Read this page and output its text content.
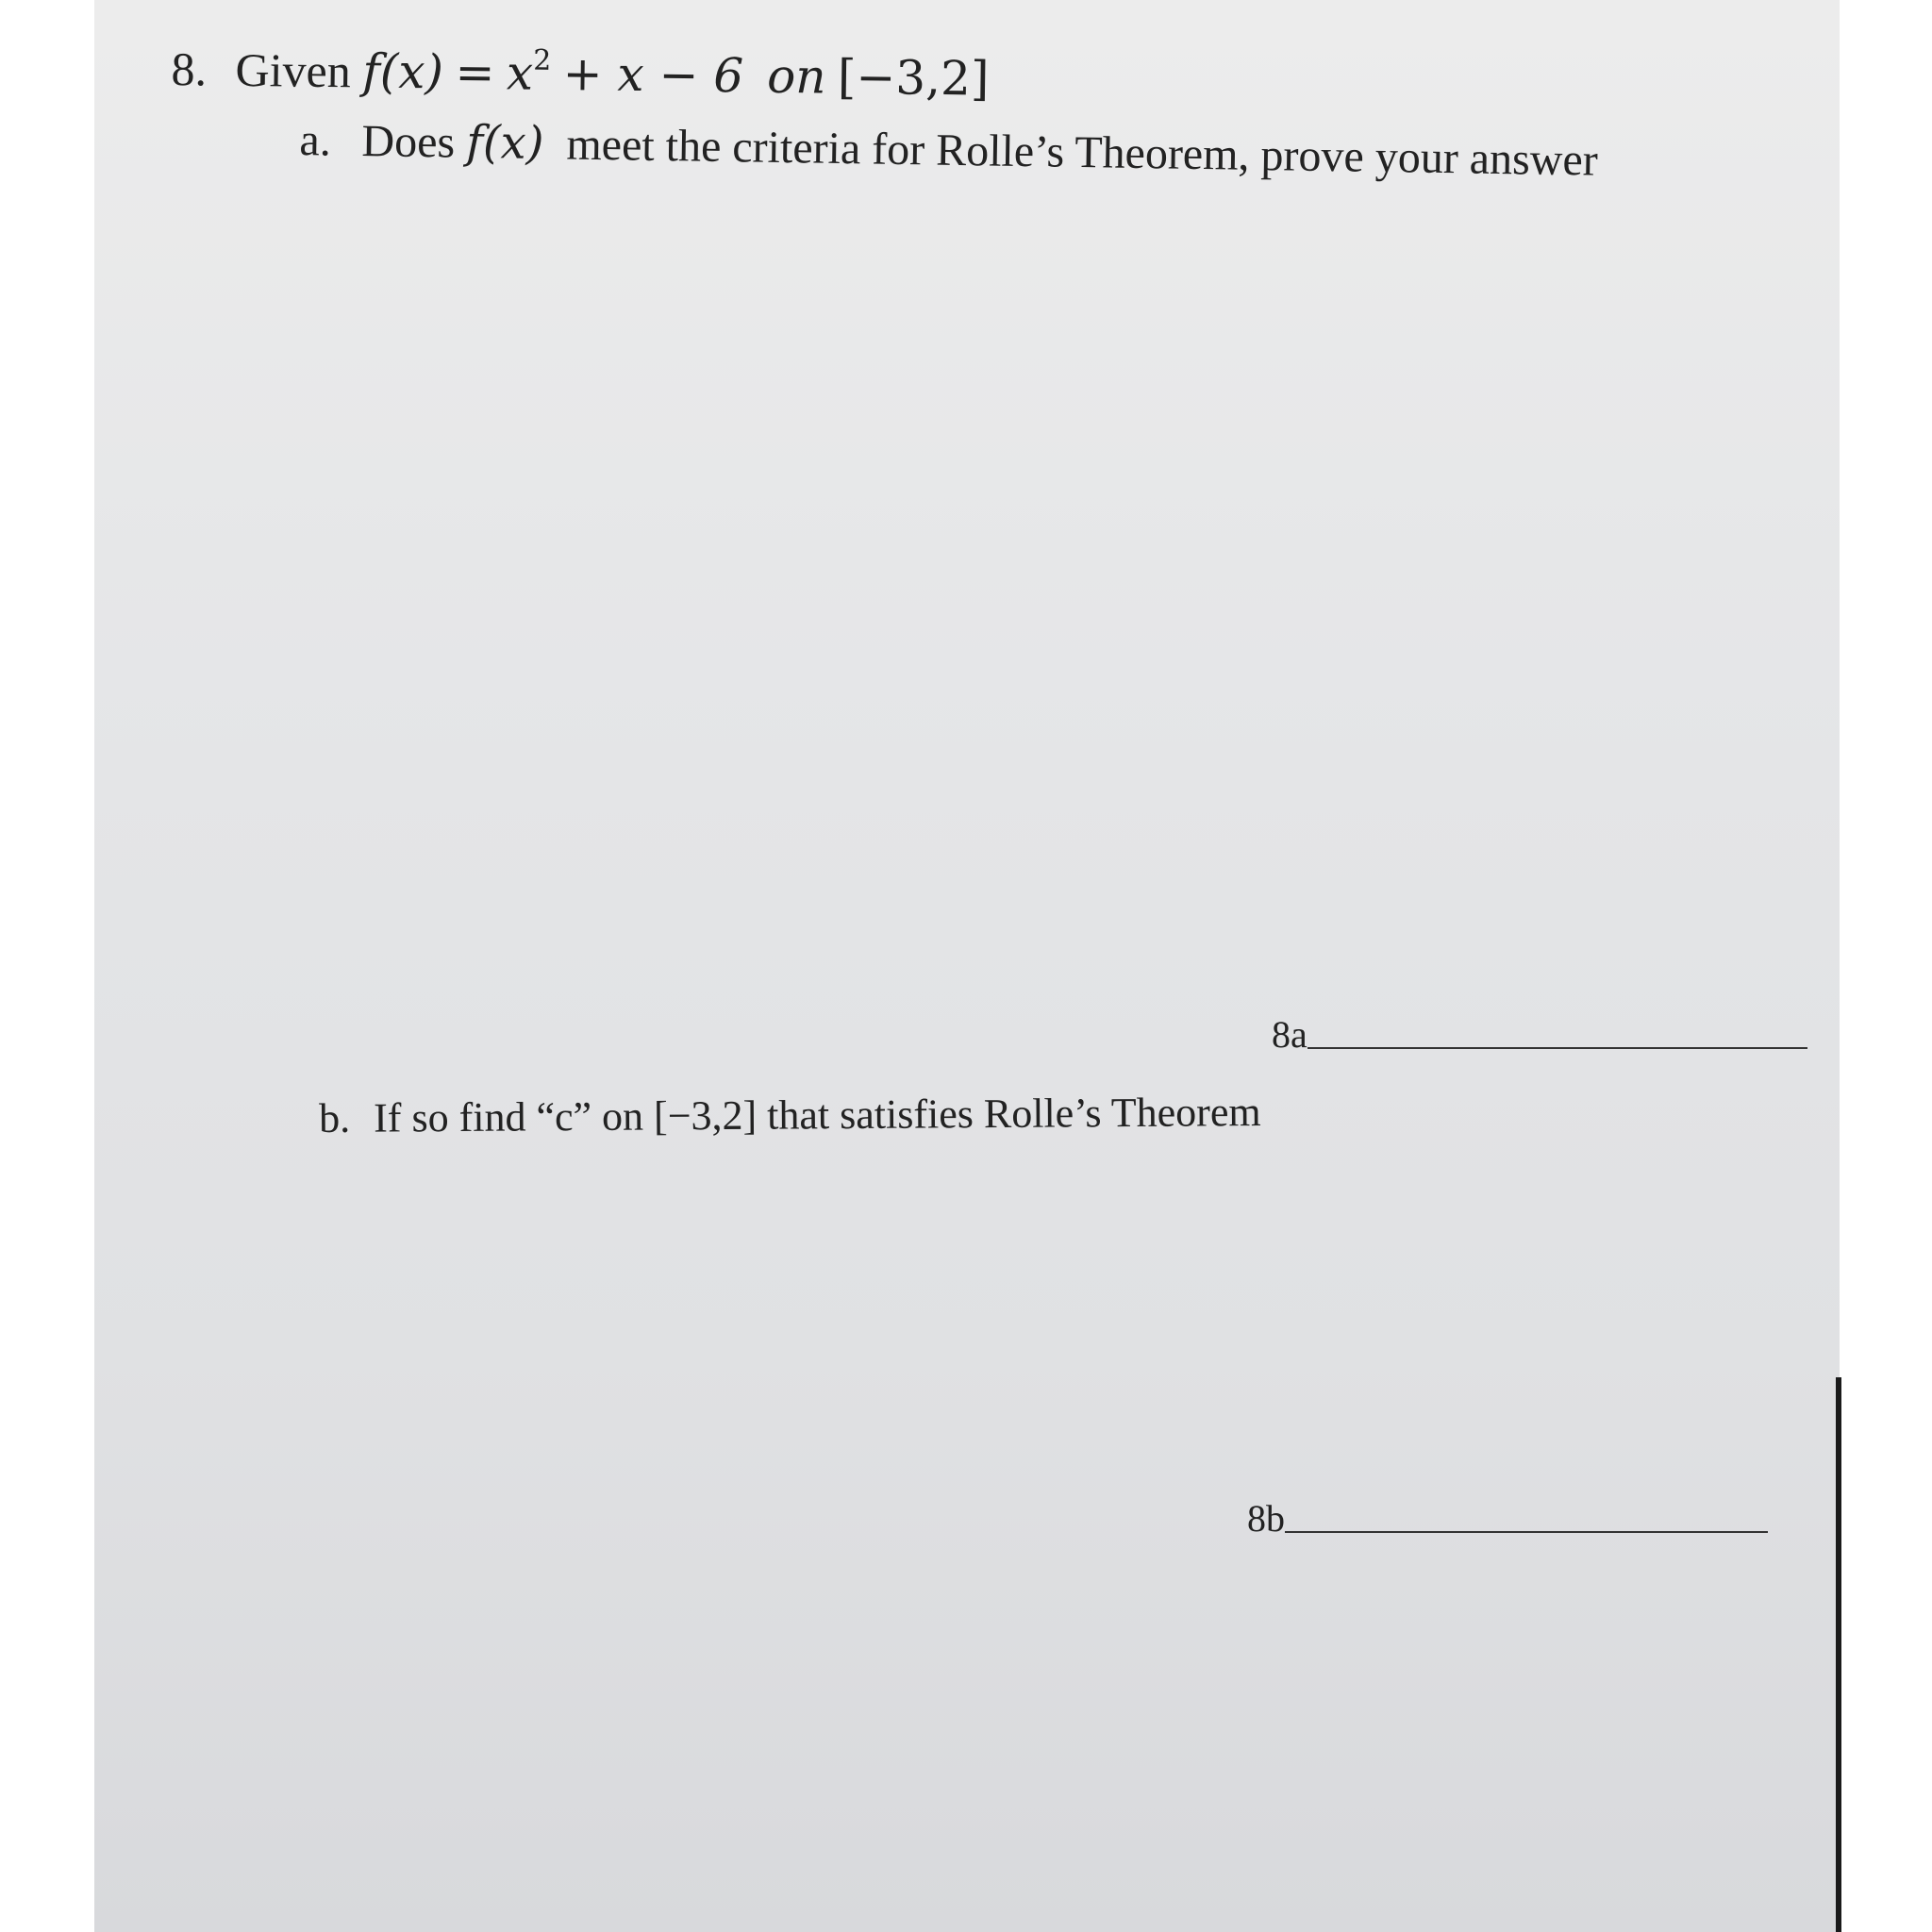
8. Given $f(x) = x^2 + x - 6$ on [−3,2]
a. Does f(x) meet the criteria for Rolle’s Theorem, prove your answer
8a
b. If so find “c” on [−3,2] that satisfies Rolle’s Theorem
8b
